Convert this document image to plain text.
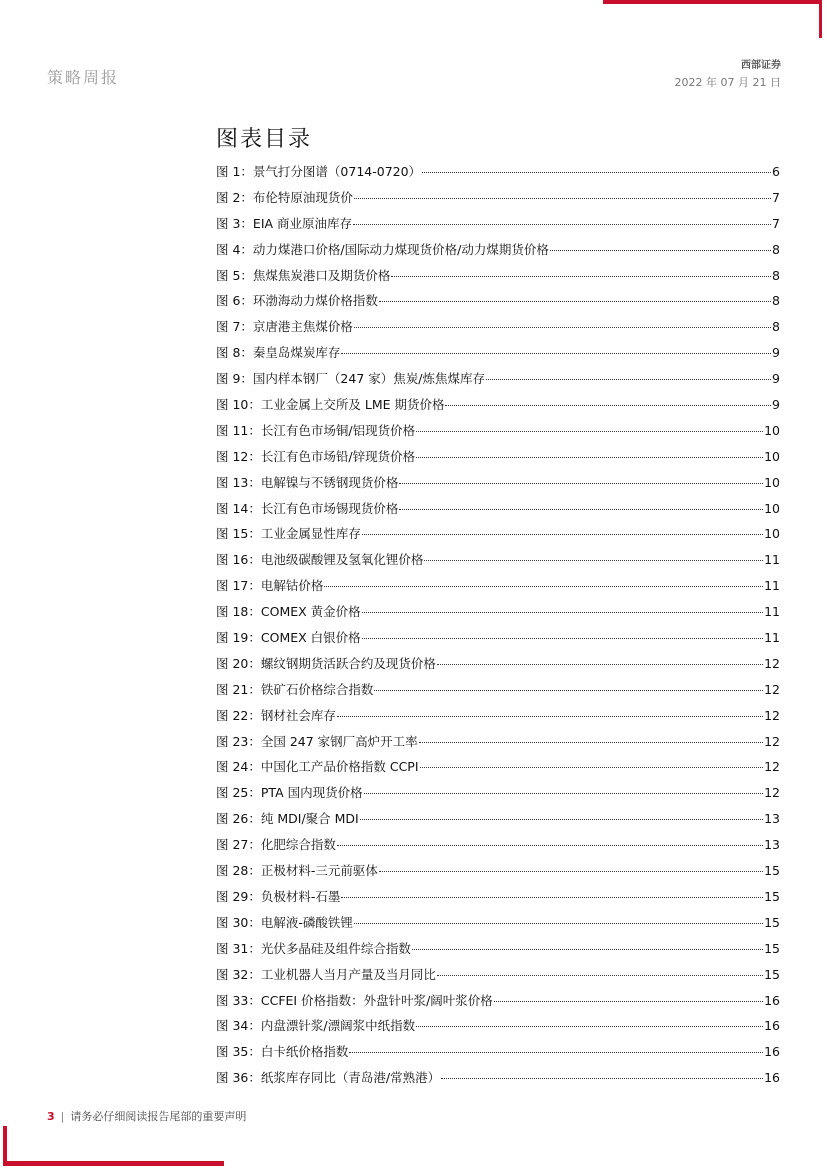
策略周报
西部证券
2022 年 07 月 21 日
图表目录
图 1：景气打分图谱（0714-0720）	6
图 2：布伦特原油现货价	7
图 3：EIA 商业原油库存	7
图 4：动力煤港口价格/国际动力煤现货价格/动力煤期货价格	8
图 5：焦煤焦炭港口及期货价格	8
图 6：环渤海动力煤价格指数	8
图 7：京唐港主焦煤价格	8
图 8：秦皇岛煤炭库存	9
图 9：国内样本钢厂（247 家）焦炭/炼焦煤库存	9
图 10：工业金属上交所及 LME 期货价格	9
图 11：长江有色市场铜/铝现货价格	10
图 12：长江有色市场铅/锌现货价格	10
图 13：电解镍与不锈钢现货价格	10
图 14：长江有色市场锡现货价格	10
图 15：工业金属显性库存	10
图 16：电池级碳酸锂及氢氧化锂价格	11
图 17：电解钴价格	11
图 18：COMEX 黄金价格	11
图 19：COMEX 白银价格	11
图 20：螺纹钢期货活跃合约及现货价格	12
图 21：铁矿石价格综合指数	12
图 22：钢材社会库存	12
图 23：全国 247 家钢厂高炉开工率	12
图 24：中国化工产品价格指数 CCPI	12
图 25：PTA 国内现货价格	12
图 26：纯 MDI/聚合 MDI	13
图 27：化肥综合指数	13
图 28：正极材料-三元前驱体	15
图 29：负极材料-石墨	15
图 30：电解液-磷酸铁锂	15
图 31：光伏多晶硅及组件综合指数	15
图 32：工业机器人当月产量及当月同比	15
图 33：CCFEI 价格指数：外盘针叶浆/阔叶浆价格	16
图 34：内盘漂针浆/漂阔浆中纸指数	16
图 35：白卡纸价格指数	16
图 36：纸浆库存同比（青岛港/常熟港）	16
3 | 请务必仔细阅读报告尾部的重要声明
